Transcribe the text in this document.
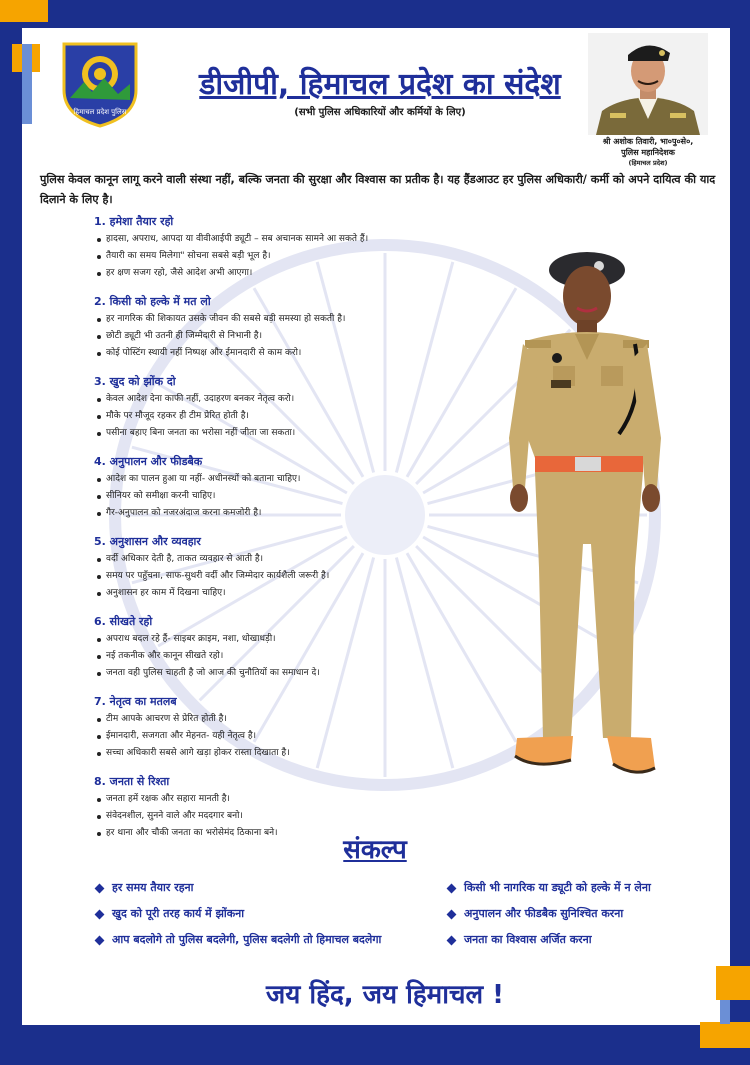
हिमाचल प्रदेश पुलिस
डीजीपी, हिमाचल प्रदेश का संदेश
(सभी पुलिस अधिकारियों और कर्मियों के लिए)
श्री अशोक तिवारी, भा०पु०से०,
पुलिस महानिदेशक
(हिमाचल प्रदेश)
पुलिस केवल कानून लागू करने वाली संस्था नहीं, बल्कि जनता की सुरक्षा और विश्वास का प्रतीक है। यह हैंडआउट हर पुलिस अधिकारी/ कर्मी को अपने दायित्व की याद दिलाने के लिए है।
1. हमेशा तैयार रहो
हादसा, अपराध, आपदा या वीवीआईपी ड्यूटी – सब अचानक सामने आ सकते हैं।
तैयारी का समय मिलेगा" सोचना सबसे बड़ी भूल है।
हर क्षण सजग रहो, जैसे आदेश अभी आएगा।
2. किसी को हल्के में मत लो
हर नागरिक की शिकायत उसके जीवन की सबसे बड़ी समस्या हो सकती है।
छोटी ड्यूटी भी उतनी ही जिम्मेदारी से निभानी है।
कोई पोस्टिंग स्थायी नहीं निष्पक्ष और ईमानदारी से काम करो।
3. खुद को झोंक दो
केवल आदेश देना काफी नहीं, उदाहरण बनकर नेतृत्व करो।
मौके पर मौजूद रहकर ही टीम प्रेरित होती है।
पसीना बहाए बिना जनता का भरोसा नहीं जीता जा सकता।
4. अनुपालन और फीडबैक
आदेश का पालन हुआ या नहीं- अधीनस्थों को बताना चाहिए।
सीनियर को समीक्षा करनी चाहिए।
गैर-अनुपालन को नजरअंदाज करना कमजोरी है।
5. अनुशासन और व्यवहार
वर्दी अधिकार देती है, ताकत व्यवहार से आती है।
समय पर पहुँचना, साफ-सुथरी वर्दी और जिम्मेदार कार्यशैली जरूरी है।
अनुशासन हर काम में दिखना चाहिए।
6. सीखते रहो
अपराध बदल रहे हैं- साइबर क्राइम, नशा, धोखाधड़ी।
नई तकनीक और कानून सीखते रहो।
जनता वही पुलिस चाहती है जो आज की चुनौतियों का समाधान दे।
7. नेतृत्व का मतलब
टीम आपके आचरण से प्रेरित होती है।
ईमानदारी, सजगता और मेहनत- यही नेतृत्व है।
सच्चा अधिकारी सबसे आगे खड़ा होकर रास्ता दिखाता है।
8. जनता से रिश्ता
जनता हमें रक्षक और सहारा मानती है।
संवेदनशील, सुनने वाले और मददगार बनो।
हर थाना और चौकी जनता का भरोसेमंद ठिकाना बने।
संकल्प
हर समय तैयार रहना
खुद को पूरी तरह कार्य में झोंकना
आप बदलोगे तो पुलिस बदलेगी, पुलिस बदलेगी तो हिमाचल बदलेगा
किसी भी नागरिक या ड्यूटी को हल्के में न लेना
अनुपालन और फीडबैक सुनिश्चित करना
जनता का विश्वास अर्जित करना
जय हिंद, जय हिमाचल !
